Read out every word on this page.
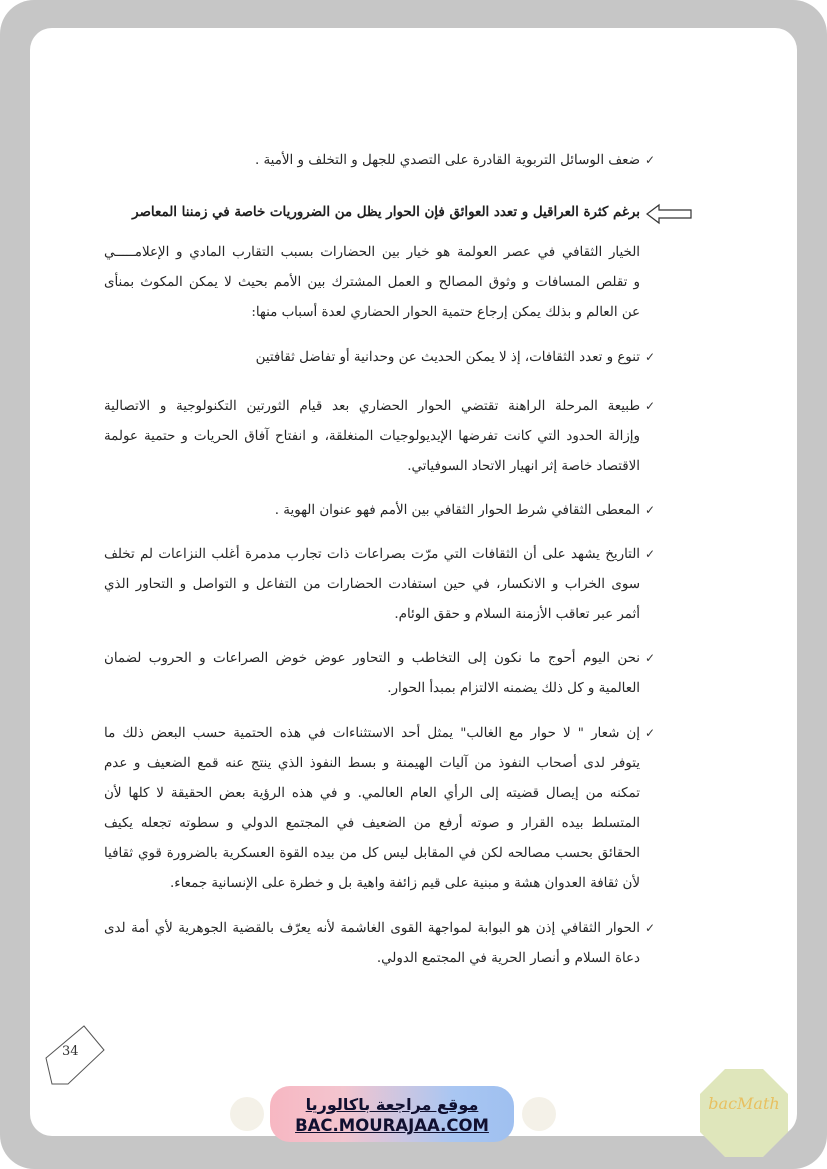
✓
ضعف الوسائل التربوية القادرة على التصدي للجهل و التخلف و الأمية .
برغم كثرة العراقيل و تعدد العوائق فإن الحوار يظل من الضروريات خاصة في زمننا المعاصر
الخيار الثقافي في عصر العولمة هو خيار بين الحضارات بسبب التقارب المادي و الإعلامـــــي
و تقلص المسافات و وثوق المصالح و العمل المشترك بين الأمم بحيث لا يمكن المكوث بمنأى
عن العالم و بذلك يمكن إرجاع حتمية الحوار الحضاري لعدة أسباب منها:
✓
تنوع و تعدد الثقافات، إذ لا يمكن الحديث عن وحدانية أو تفاضل ثقافتين
✓
طبيعة المرحلة الراهنة تقتضي الحوار الحضاري بعد قيام الثورتين التكنولوجية و الاتصالية
وإزالة الحدود التي كانت تفرضها الإيديولوجيات المنغلقة، و انفتاح آفاق الحريات و حتمية عولمة
الاقتصاد خاصة إثر انهيار الاتحاد السوفياتي.
✓
المعطى الثقافي شرط الحوار الثقافي بين الأمم فهو عنوان الهوية .
✓
التاريخ يشهد على أن الثقافات التي مرّت بصراعات ذات تجارب مدمرة أغلب النزاعات لم تخلف
سوى الخراب و الانكسار، في حين استفادت الحضارات من التفاعل و التواصل و التحاور الذي
أثمر عبر تعاقب الأزمنة السلام و حقق الوئام.
✓
نحن اليوم أحوج ما نكون إلى التخاطب و التحاور عوض خوض الصراعات و الحروب لضمان
العالمية و كل ذلك يضمنه الالتزام بمبدأ الحوار.
✓
إن شعار " لا حوار مع الغالب" يمثل أحد الاستثناءات في هذه الحتمية حسب البعض ذلك ما
يتوفر لدى أصحاب النفوذ من آليات الهيمنة و بسط النفوذ الذي ينتج عنه قمع الضعيف و عدم
تمكنه من إيصال قضيته إلى الرأي العام العالمي. و في هذه الرؤية بعض الحقيقة لا كلها لأن
المتسلط بيده القرار و صوته أرفع من الضعيف في المجتمع الدولي و سطوته تجعله يكيف
الحقائق بحسب مصالحه لكن في المقابل ليس كل من بيده القوة العسكرية بالضرورة قوي ثقافيا
لأن ثقافة العدوان هشة و مبنية على قيم زائفة واهية بل و خطرة على الإنسانية جمعاء.
✓
الحوار الثقافي إذن هو البوابة لمواجهة القوى الغاشمة لأنه يعرّف بالقضية الجوهرية لأي أمة لدى
دعاة السلام و أنصار الحرية في المجتمع الدولي.
34
bacMath
موقع مراجعة باكالوريا
BAC.MOURAJAA.COM
